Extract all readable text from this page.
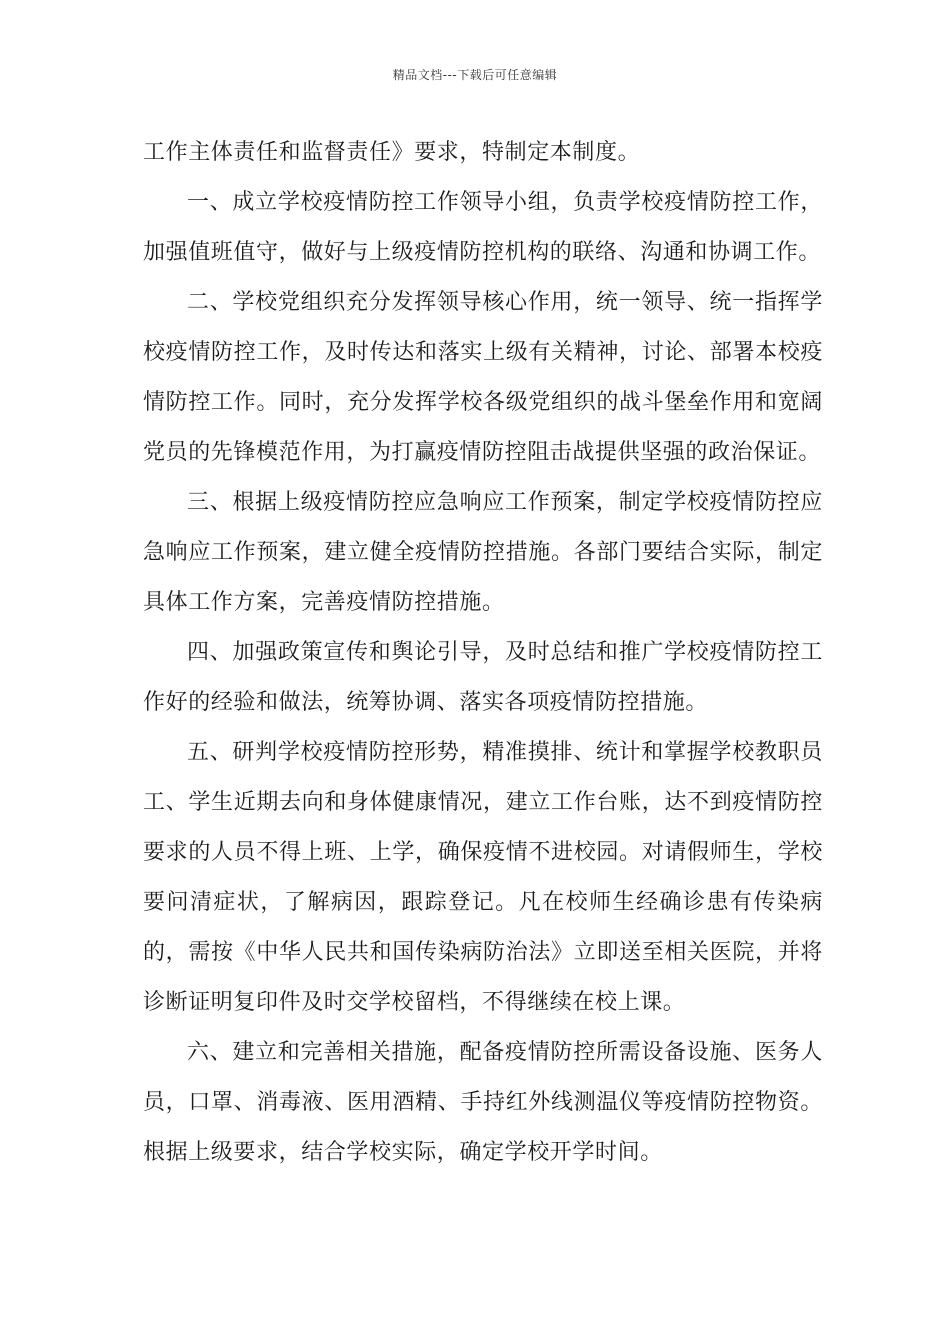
精品文档---下载后可任意编辑

工作主体责任和监督责任》要求，特制定本制度。

一、成立学校疫情防控工作领导小组，负责学校疫情防控工作，加强值班值守，做好与上级疫情防控机构的联络、沟通和协调工作。

二、学校党组织充分发挥领导核心作用，统一领导、统一指挥学校疫情防控工作，及时传达和落实上级有关精神，讨论、部署本校疫情防控工作。同时，充分发挥学校各级党组织的战斗堡垒作用和宽阔党员的先锋模范作用，为打赢疫情防控阻击战提供坚强的政治保证。

三、根据上级疫情防控应急响应工作预案，制定学校疫情防控应急响应工作预案，建立健全疫情防控措施。各部门要结合实际，制定具体工作方案，完善疫情防控措施。

四、加强政策宣传和舆论引导，及时总结和推广学校疫情防控工作好的经验和做法，统筹协调、落实各项疫情防控措施。

五、研判学校疫情防控形势，精准摸排、统计和掌握学校教职员工、学生近期去向和身体健康情况，建立工作台账，达不到疫情防控要求的人员不得上班、上学，确保疫情不进校园。对请假师生，学校要问清症状，了解病因，跟踪登记。凡在校师生经确诊患有传染病的，需按《中华人民共和国传染病防治法》立即送至相关医院，并将诊断证明复印件及时交学校留档，不得继续在校上课。

六、建立和完善相关措施，配备疫情防控所需设备设施、医务人员，口罩、消毒液、医用酒精、手持红外线测温仪等疫情防控物资。根据上级要求，结合学校实际，确定学校开学时间。
